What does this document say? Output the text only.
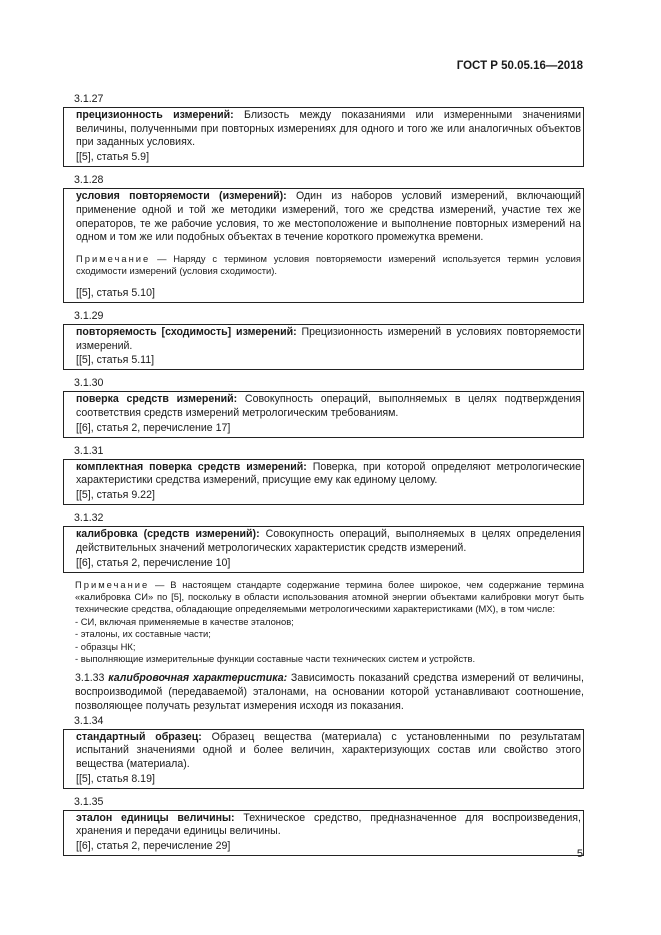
ГОСТ Р 50.05.16—2018
3.1.27
прецизионность измерений: Близость между показаниями или измеренными значениями величины, полученными при повторных измерениях для одного и того же или аналогичных объектов при заданных условиях.
[[5], статья 5.9]
3.1.28
условия повторяемости (измерений): Один из наборов условий измерений, включающий применение одной и той же методики измерений, того же средства измерений, участие тех же операторов, те же рабочие условия, то же местоположение и выполнение повторных измерений на одном и том же или подобных объектах в течение короткого промежутка времени.
Примечание — Наряду с термином условия повторяемости измерений используется термин условия сходимости измерений (условия сходимости).
[[5], статья 5.10]
3.1.29
повторяемость [сходимость] измерений: Прецизионность измерений в условиях повторяемости измерений.
[[5], статья 5.11]
3.1.30
поверка средств измерений: Совокупность операций, выполняемых в целях подтверждения соответствия средств измерений метрологическим требованиям.
[[6], статья 2, перечисление 17]
3.1.31
комплектная поверка средств измерений: Поверка, при которой определяют метрологические характеристики средства измерений, присущие ему как единому целому.
[[5], статья 9.22]
3.1.32
калибровка (средств измерений): Совокупность операций, выполняемых в целях определения действительных значений метрологических характеристик средств измерений.
[[6], статья 2, перечисление 10]
Примечание — В настоящем стандарте содержание термина более широкое, чем содержание термина «калибровка СИ» по [5], поскольку в области использования атомной энергии объектами калибровки могут быть технические средства, обладающие определяемыми метрологическими характеристиками (МХ), в том числе:
- СИ, включая применяемые в качестве эталонов;
- эталоны, их составные части;
- образцы НК;
- выполняющие измерительные функции составные части технических систем и устройств.
3.1.33 калибровочная характеристика: Зависимость показаний средства измерений от величины, воспроизводимой (передаваемой) эталонами, на основании которой устанавливают соотношение, позволяющее получать результат измерения исходя из показания.
3.1.34
стандартный образец: Образец вещества (материала) с установленными по результатам испытаний значениями одной и более величин, характеризующих состав или свойство этого вещества (материала).
[[5], статья 8.19]
3.1.35
эталон единицы величины: Техническое средство, предназначенное для воспроизведения, хранения и передачи единицы величины.
[[6], статья 2, перечисление 29]
5
